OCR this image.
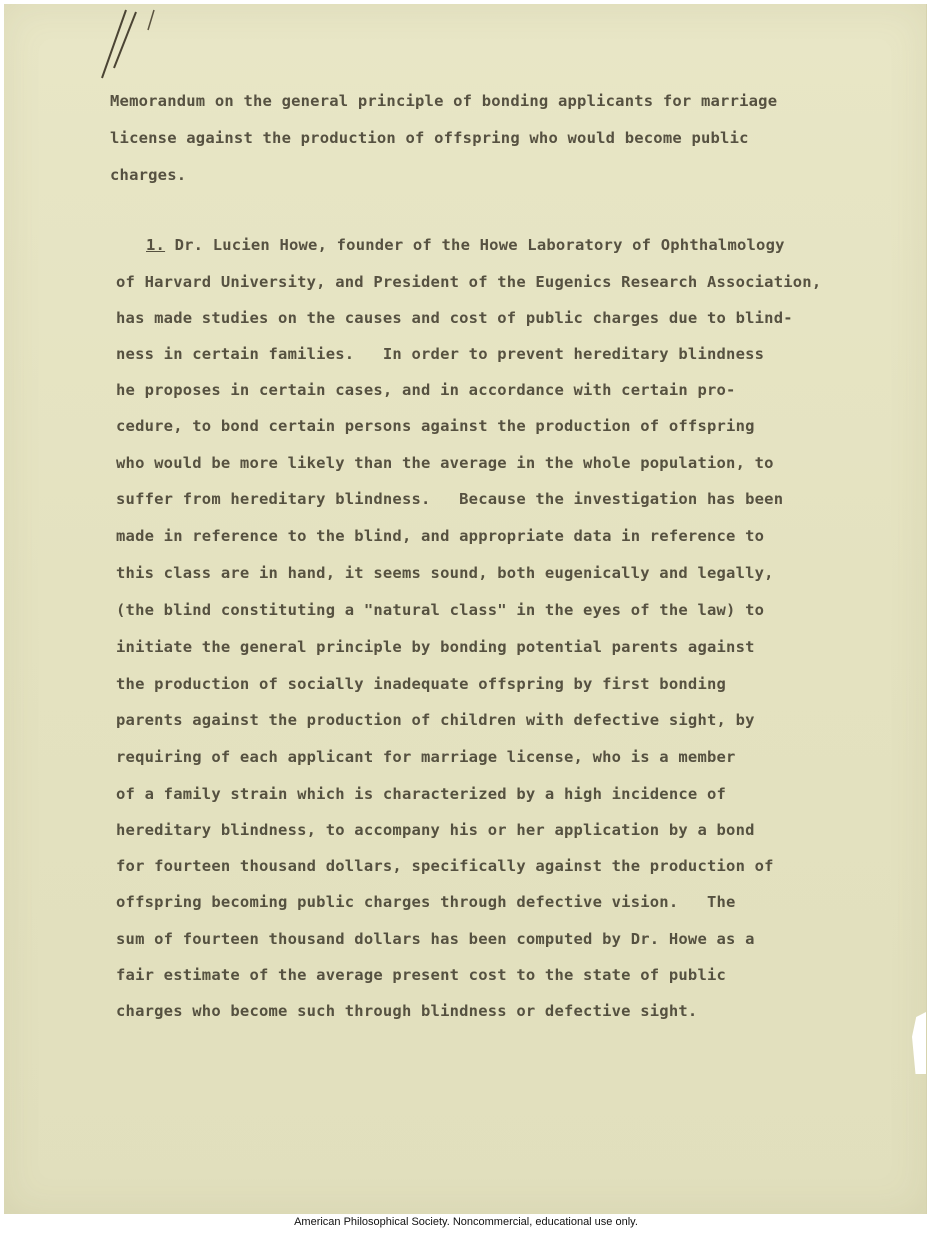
Memorandum on the general principle of bonding applicants for marriage

license against the production of offspring who would become public

charges.

1. Dr. Lucien Howe, founder of the Howe Laboratory of Ophthalmology

of Harvard University, and President of the Eugenics Research Association,

has made studies on the causes and cost of public charges due to blind-

ness in certain families.   In order to prevent hereditary blindness

he proposes in certain cases, and in accordance with certain pro-

cedure, to bond certain persons against the production of offspring

who would be more likely than the average in the whole population, to

suffer from hereditary blindness.   Because the investigation has been

made in reference to the blind, and appropriate data in reference to

this class are in hand, it seems sound, both eugenically and legally,

(the blind constituting a "natural class" in the eyes of the law) to

initiate the general principle by bonding potential parents against

the production of socially inadequate offspring by first bonding

parents against the production of children with defective sight, by

requiring of each applicant for marriage license, who is a member

of a family strain which is characterized by a high incidence of

hereditary blindness, to accompany his or her application by a bond

for fourteen thousand dollars, specifically against the production of

offspring becoming public charges through defective vision.   The

sum of fourteen thousand dollars has been computed by Dr. Howe as a

fair estimate of the average present cost to the state of public

charges who become such through blindness or defective sight.

American Philosophical Society. Noncommercial, educational use only.
